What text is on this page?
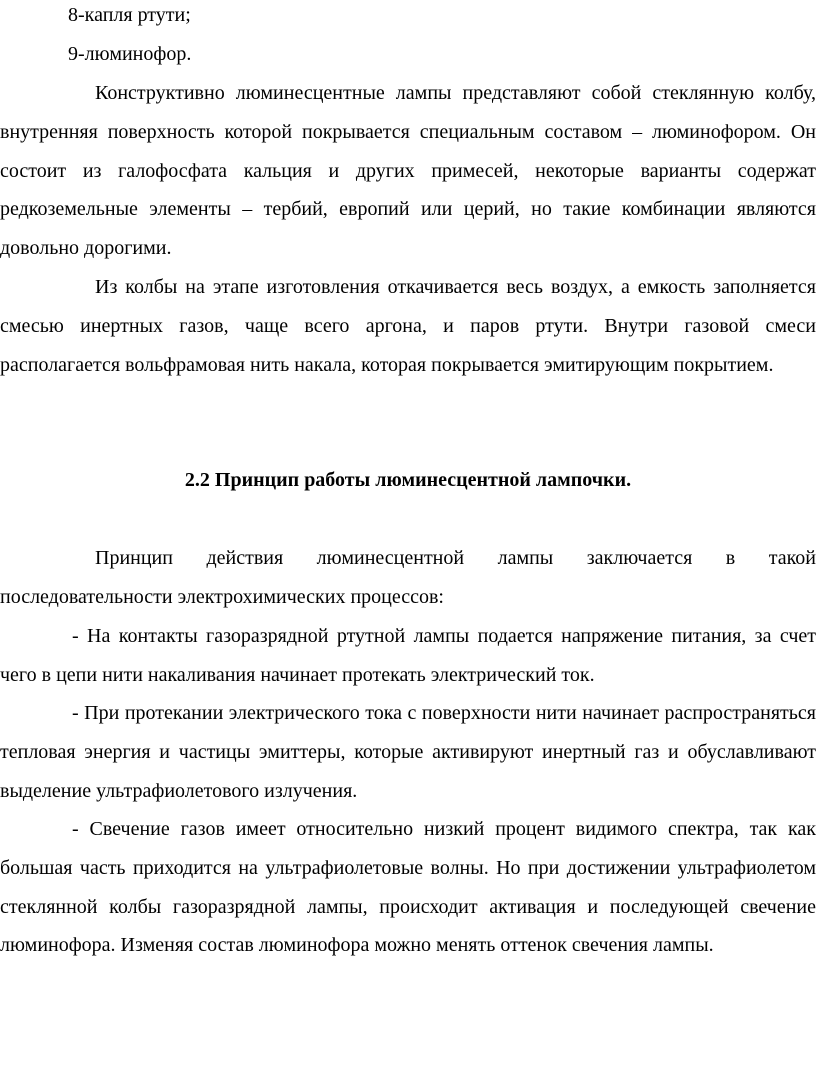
8-капля ртути;
9-люминофор.
Конструктивно люминесцентные лампы представляют собой стеклянную колбу, внутренняя поверхность которой покрывается специальным составом – люминофором. Он состоит из галофосфата кальция и других примесей, некоторые варианты содержат редкоземельные элементы – тербий, европий или церий, но такие комбинации являются довольно дорогими.
Из колбы на этапе изготовления откачивается весь воздух, а емкость заполняется смесью инертных газов, чаще всего аргона, и паров ртути. Внутри газовой смеси располагается вольфрамовая нить накала, которая покрывается эмитирующим покрытием.
2.2 Принцип работы люминесцентной лампочки.
Принцип действия люминесцентной лампы заключается в такой последовательности электрохимических процессов:
- На контакты газоразрядной ртутной лампы подается напряжение питания, за счет чего в цепи нити накаливания начинает протекать электрический ток.
- При протекании электрического тока с поверхности нити начинает распространяться тепловая энергия и частицы эмиттеры, которые активируют инертный газ и обуславливают выделение ультрафиолетового излучения.
- Свечение газов имеет относительно низкий процент видимого спектра, так как большая часть приходится на ультрафиолетовые волны. Но при достижении ультрафиолетом стеклянной колбы газоразрядной лампы, происходит активация и последующей свечение люминофора. Изменяя состав люминофора можно менять оттенок свечения лампы.
